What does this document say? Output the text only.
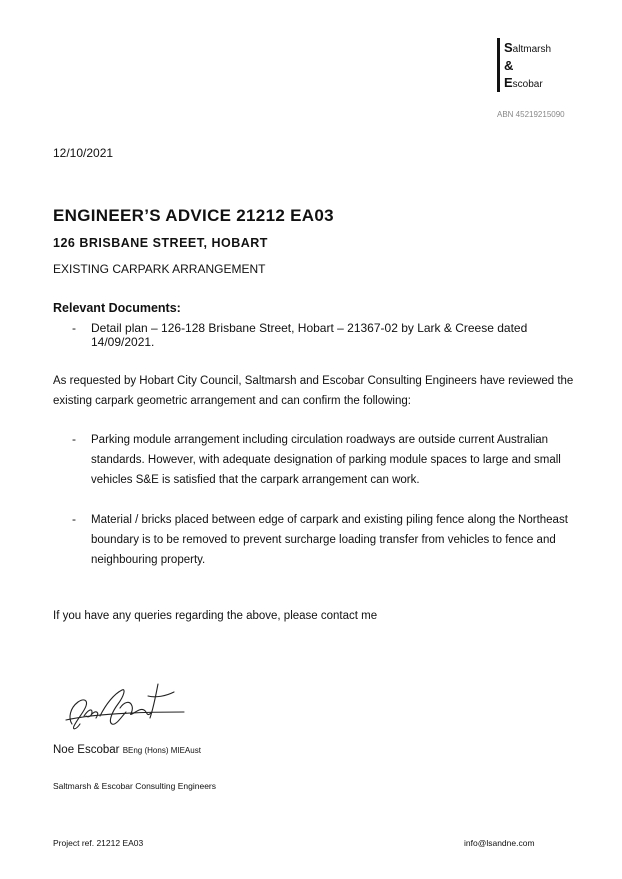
Saltmarsh
&
Escobar
ABN 45219215090
12/10/2021
ENGINEER’S ADVICE 21212 EA03
126 BRISBANE STREET, HOBART
EXISTING CARPARK ARRANGEMENT
Relevant Documents:
- Detail plan – 126-128 Brisbane Street, Hobart – 21367-02 by Lark & Creese dated 14/09/2021.
As requested by Hobart City Council, Saltmarsh and Escobar Consulting Engineers have reviewed the existing carpark geometric arrangement and can confirm the following:
- Parking module arrangement including circulation roadways are outside current Australian standards. However, with adequate designation of parking module spaces to large and small vehicles S&E is satisfied that the carpark arrangement can work.
- Material / bricks placed between edge of carpark and existing piling fence along the Northeast boundary is to be removed to prevent surcharge loading transfer from vehicles to fence and neighbouring property.
If you have any queries regarding the above, please contact me
Noe Escobar BEng (Hons) MIEAust
Saltmarsh & Escobar Consulting Engineers
Project ref. 21212 EA03	info@lsandne.com
